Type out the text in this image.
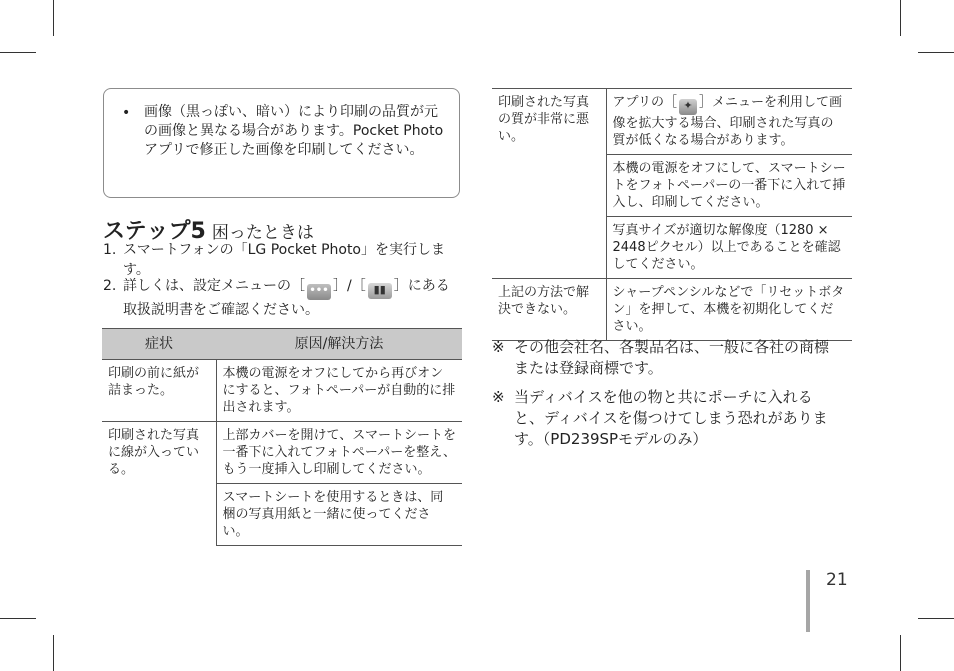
• 画像（黒っぽい、暗い）により印刷の品質が元の画像と異なる場合があります。Pocket Photoアプリで修正した画像を印刷してください。
ステップ5 困ったときは
1. スマートフォンの「LG Pocket Photo」を実行します。
2. 詳しくは、設定メニューの［ ••• ］/［ ▮▮ ］にある取扱説明書をご確認ください。
症状	原因/解決方法
印刷の前に紙が詰まった。	本機の電源をオフにしてから再びオンにすると、フォトペーパーが自動的に排出されます。
印刷された写真に線が入っている。	上部カバーを開けて、スマートシートを一番下に入れてフォトペーパーを整え、もう一度挿入し印刷してください。
	スマートシートを使用するときは、同梱の写真用紙と一緒に使ってください。
印刷された写真の質が非常に悪い。	アプリの［ ✦ ］メニューを利用して画像を拡大する場合、印刷された写真の質が低くなる場合があります。
	本機の電源をオフにして、スマートシートをフォトペーパーの一番下に入れて挿入し、印刷してください。
	写真サイズが適切な解像度（1280 × 2448ピクセル）以上であることを確認してください。
上記の方法で解決できない。	シャープペンシルなどで「リセットボタン」を押して、本機を初期化してください。
※ その他会社名、各製品名は、一般に各社の商標または登録商標です。
※ 当ディバイスを他の物と共にポーチに入れると、ディバイスを傷つけてしまう恐れがあります。（PD239SPモデルのみ）
21
